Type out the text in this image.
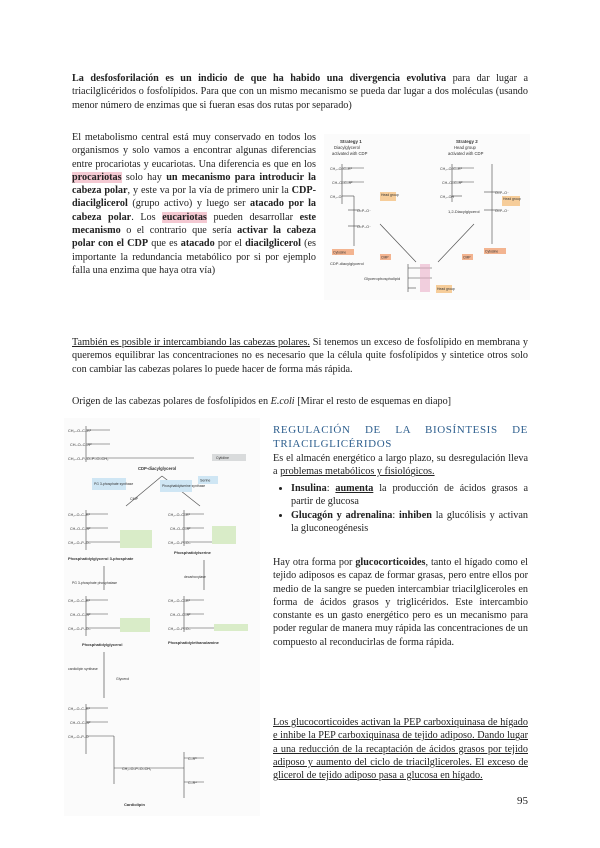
La desfosforilación es un indicio de que ha habido una divergencia evolutiva para dar lugar a triacilglicéridos o fosfolípidos. Para que con un mismo mecanismo se pueda dar lugar a dos moléculas (usando menor número de enzimas que si fueran esas dos rutas por separado)
El metabolismo central está muy conservado en todos los organismos y solo vamos a encontrar algunas diferencias entre procariotas y eucariotas. Una diferencia es que en los procariotas solo hay un mecanismo para introducir la cabeza polar, y este va por la vía de primero unir la CDP-diacilglicerol (grupo activo) y luego ser atacado por la cabeza polar. Los eucariotas pueden desarrollar este mecanismo o el contrario que sería activar la cabeza polar con el CDP que es atacado por el diacilglicerol (es importante la redundancia metabólico por si por ejemplo falla una enzima que haya otra vía)
Strategy 1
Diacylglycerol
activated with CDP
Strategy 2
Head group
activated with CDP
CH₂–O–C–R¹
CH–O–C–R²
CH₂–O
O=P–O⁻
O=P–O⁻
Head group
Cytosine
CDP-diacylglycerol
CH₂–O–C–R¹
CH–O–C–R²
CH₂–OH
O=P–O⁻
O=P–O⁻
1,2-Diacylglycerol
Head group
Cytosine
CMP	CMP
Head group
Glycerophospholipid
También es posible ir intercambiando las cabezas polares. Si tenemos un exceso de fosfolípido en membrana y queremos equilibrar las concentraciones no es necesario que la célula quite fosfolípidos y sintetice otros solo con cambiar las cabezas polares lo puede hacer de forma más rápida.
Origen de las cabezas polares de fosfolípidos en E.coli [Mirar el resto de esquemas en diapo]
CH₂–O–C–R¹
CH–O–C–R²
CH₂–O–P–O–P–O–CH₂	Cytidine
CDP-diacylglycerol
PG 3-phosphate synthase	Phosphatidylserine synthase
Serine
CMP
CH₂–O–C–R¹
CH–O–C–R²
CH₂–O–P–O–
Phosphatidylglycerol 3-phosphate
CH₂–O–C–R¹
CH–O–C–R²
CH₂–O–P–O–
Phosphatidylserine
PG 3-phosphate phosphatase
decarboxylase
CH₂–O–C–R¹
CH–O–C–R²
CH₂–O–P–O–
Phosphatidylglycerol
CH₂–O–C–R¹
CH–O–C–R²
CH₂–O–P–O–
Phosphatidylethanolamine
cardiolipin synthase
Glycerol
CH₂–O–C–R¹
CH–O–C–R²
CH₂–O–P–O
CH₂–O–P–O–CH₂
C–R³
C–R⁴
Cardiolipin
REGULACIÓN DE LA BIOSÍNTESIS DE TRIACILGLICÉRIDOS
Es el almacén energético a largo plazo, su desregulación lleva a problemas metabólicos y fisiológicos.
• Insulina: aumenta la producción de ácidos grasos a partir de glucosa
• Glucagón y adrenalina: inhiben la glucólisis y activan la gluconeogénesis
Hay otra forma por glucocorticoides, tanto el hígado como el tejido adiposos es capaz de formar grasas, pero entre ellos por medio de la sangre se pueden intercambiar triacilgliceroles en forma de ácidos grasos y triglicéridos. Este intercambio constante es un gasto energético pero es un mecanismo para poder regular de manera muy rápida las concentraciones de un compuesto al reconducirlas de forma rápida.
Los glucocorticoides activan la PEP carboxiquinasa de hígado e inhibe la PEP carboxiquinasa de tejido adiposo. Dando lugar a una reducción de la recaptación de ácidos grasos por tejido adiposo y aumento del ciclo de triacilgliceroles. El exceso de glicerol de tejido adiposo pasa a glucosa en hígado.
95
